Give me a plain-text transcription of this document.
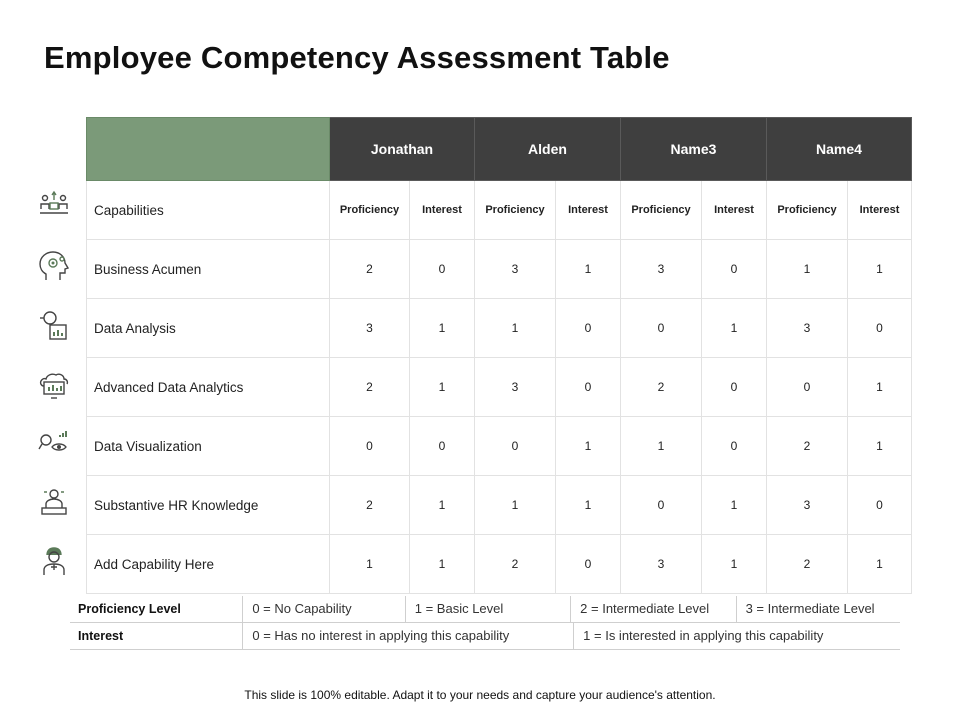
Employee Competency Assessment Table
	Jonathan		Alden		Name3		Name4	
Capabilities	Proficiency	Interest	Proficiency	Interest	Proficiency	Interest	Proficiency	Interest
Business Acumen	2	0	3	1	3	0	1	1
Data Analysis	3	1	1	0	0	1	3	0
Advanced Data Analytics	2	1	3	0	2	0	0	1
Data Visualization	0	0	0	1	1	0	2	1
Substantive HR Knowledge	2	1	1	1	0	1	3	0
Add Capability Here	1	1	2	0	3	1	2	1
Proficiency Level	0 = No Capability	1 = Basic Level	2 = Intermediate Level	3 = Intermediate Level
Interest	0 = Has no interest in applying this capability	1 = Is interested in applying this capability
This slide is 100% editable. Adapt it to your needs and capture your audience's attention.
